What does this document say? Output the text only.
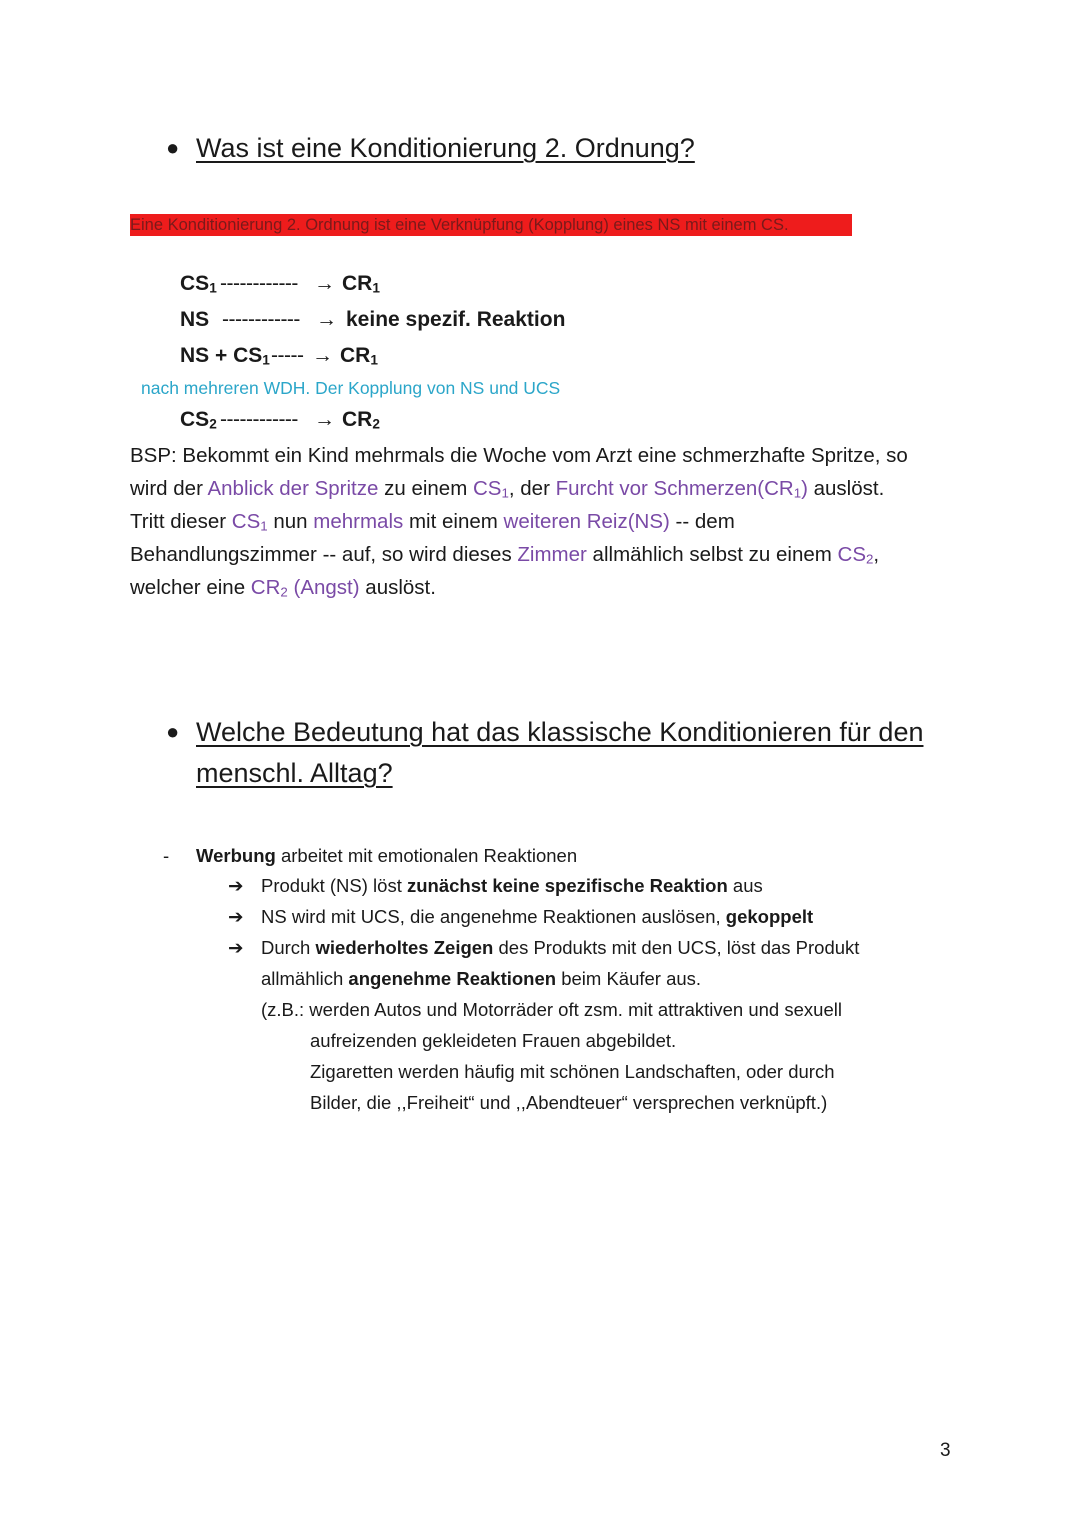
● Was ist eine Konditionierung 2. Ordnung?
Eine Konditionierung 2. Ordnung ist eine Verknüpfung (Kopplung) eines NS mit einem CS.
$CS_1$ ------------ → $CR_1$
NS ------------ → keine spezif. Reaktion
NS + $CS_1$ ----- → $CR_1$
nach mehreren WDH. Der Kopplung von NS und UCS
$CS_2$ ------------ → $CR_2$
BSP: Bekommt ein Kind mehrmals die Woche vom Arzt eine schmerzhafte Spritze, so
wird der Anblick der Spritze zu einem $CS_1$, der Furcht vor $Schmerzen(CR_1)$ auslöst.
Tritt dieser $CS_1$ nun mehrmals mit einem weiteren Reiz(NS) -- dem
Behandlungszimmer -- auf, so wird dieses Zimmer allmählich selbst zu einem $CS_2$,
welcher eine $CR_2$ (Angst) auslöst.
● Welche Bedeutung hat das klassische Konditionieren für den
menschl. Alltag?
- Werbung arbeitet mit emotionalen Reaktionen
➔ Produkt (NS) löst zunächst keine spezifische Reaktion aus
➔ NS wird mit UCS, die angenehme Reaktionen auslösen, gekoppelt
➔ Durch wiederholtes Zeigen des Produkts mit den UCS, löst das Produkt
allmählich angenehme Reaktionen beim Käufer aus.
(z.B.: werden Autos und Motorräder oft zsm. mit attraktiven und sexuell
aufreizenden gekleideten Frauen abgebildet.
Zigaretten werden häufig mit schönen Landschaften, oder durch
Bilder, die ,,Freiheit“ und ,,Abendteuer“ versprechen verknüpft.)
3
